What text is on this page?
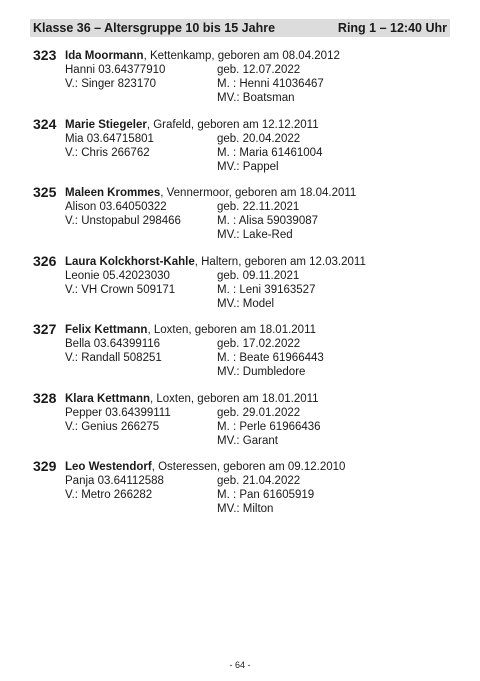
Klasse 36 – Altersgruppe 10 bis 15 Jahre	Ring 1 – 12:40 Uhr
323 Ida Moormann, Kettenkamp, geboren am 08.04.2012
Hanni 03.64377910
V.: Singer 823170
geb. 12.07.2022
M. : Henni 41036467
MV.: Boatsman
324 Marie Stiegeler, Grafeld, geboren am 12.12.2011
Mia 03.64715801
V.: Chris 266762
geb. 20.04.2022
M. : Maria 61461004
MV.: Pappel
325 Maleen Krommes, Vennermoor, geboren am 18.04.2011
Alison 03.64050322
V.: Unstopabul 298466
geb. 22.11.2021
M. : Alisa 59039087
MV.: Lake-Red
326 Laura Kolckhorst-Kahle, Haltern, geboren am 12.03.2011
Leonie 05.42023030
V.: VH Crown 509171
geb. 09.11.2021
M. : Leni 39163527
MV.: Model
327 Felix Kettmann, Loxten, geboren am 18.01.2011
Bella 03.64399116
V.: Randall 508251
geb. 17.02.2022
M. : Beate 61966443
MV.: Dumbledore
328 Klara Kettmann, Loxten, geboren am 18.01.2011
Pepper 03.64399111
V.: Genius 266275
geb. 29.01.2022
M. : Perle 61966436
MV.: Garant
329 Leo Westendorf, Osteressen, geboren am 09.12.2010
Panja 03.64112588
V.: Metro 266282
geb. 21.04.2022
M. : Pan 61605919
MV.: Milton
- 64 -
